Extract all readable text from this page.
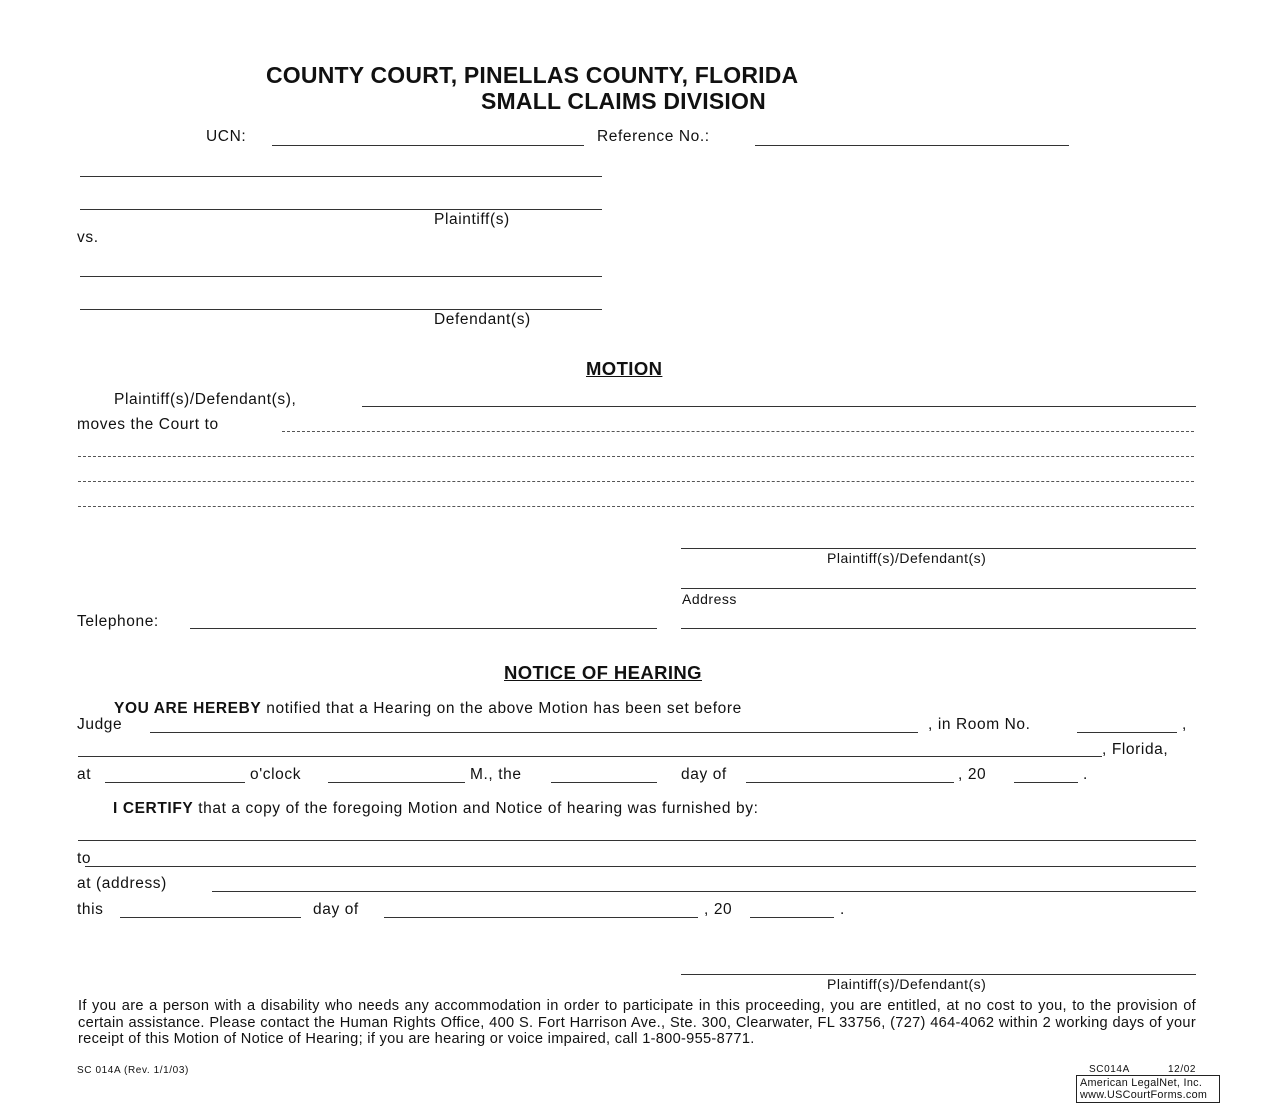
COUNTY COURT, PINELLAS COUNTY, FLORIDA
SMALL CLAIMS DIVISION
UCN:	Reference No.:
Plaintiff(s)
vs.
Defendant(s)
MOTION
Plaintiff(s)/Defendant(s),
moves the Court to
Plaintiff(s)/Defendant(s)
Address
Telephone:
NOTICE OF HEARING
YOU ARE HEREBY notified that a Hearing on the above Motion has been set before
Judge	, in Room No.	,
, Florida,
at	o'clock	M., the	day of	, 20	.
I CERTIFY that a copy of the foregoing Motion and Notice of hearing was furnished by:
to
at (address)
this	day of	, 20	.
Plaintiff(s)/Defendant(s)
If you are a person with a disability who needs any accommodation in order to participate in this proceeding, you are entitled, at no cost to you, to the provision of certain assistance. Please contact the Human Rights Office, 400 S. Fort Harrison Ave., Ste. 300, Clearwater, FL 33756, (727) 464-4062 within 2 working days of your receipt of this Motion of Notice of Hearing; if you are hearing or voice impaired, call 1-800-955-8771.
SC 014A (Rev. 1/1/03)	SC014A	12/02
American LegalNet, Inc.
www.USCourtForms.com
